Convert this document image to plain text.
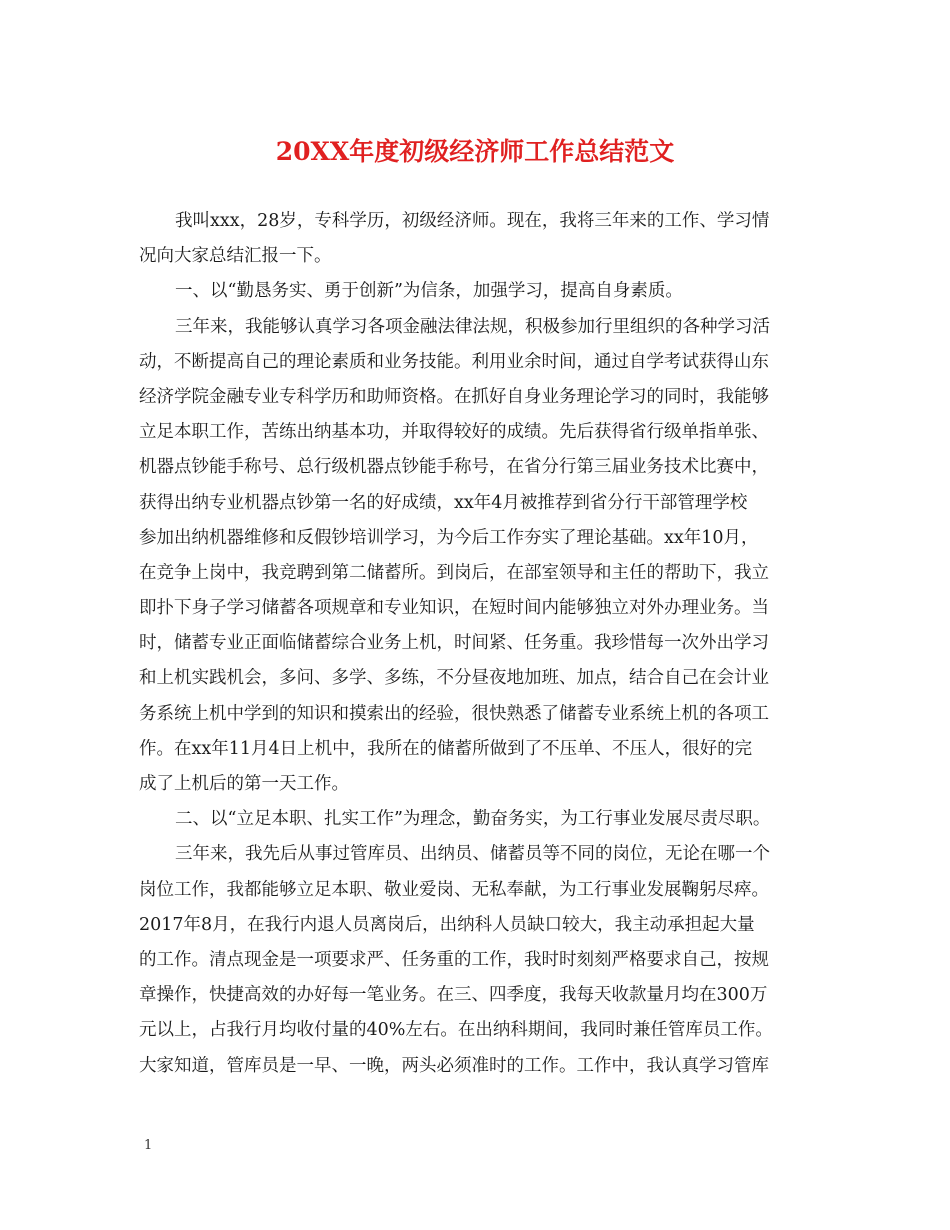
20XX年度初级经济师工作总结范文
我叫xxx，28岁，专科学历，初级经济师。现在，我将三年来的工作、学习情
况向大家总结汇报一下。
一、以“勤恳务实、勇于创新”为信条，加强学习，提高自身素质。
三年来，我能够认真学习各项金融法律法规，积极参加行里组织的各种学习活
动，不断提高自己的理论素质和业务技能。利用业余时间，通过自学考试获得山东
经济学院金融专业专科学历和助师资格。在抓好自身业务理论学习的同时，我能够
立足本职工作，苦练出纳基本功，并取得较好的成绩。先后获得省行级单指单张、
机器点钞能手称号、总行级机器点钞能手称号，在省分行第三届业务技术比赛中，
获得出纳专业机器点钞第一名的好成绩，xx年4月被推荐到省分行干部管理学校
参加出纳机器维修和反假钞培训学习，为今后工作夯实了理论基础。xx年10月，
在竞争上岗中，我竞聘到第二储蓄所。到岗后，在部室领导和主任的帮助下，我立
即扑下身子学习储蓄各项规章和专业知识，在短时间内能够独立对外办理业务。当
时，储蓄专业正面临储蓄综合业务上机，时间紧、任务重。我珍惜每一次外出学习
和上机实践机会，多问、多学、多练，不分昼夜地加班、加点，结合自己在会计业
务系统上机中学到的知识和摸索出的经验，很快熟悉了储蓄专业系统上机的各项工
作。在xx年11月4日上机中，我所在的储蓄所做到了不压单、不压人，很好的完
成了上机后的第一天工作。
二、以“立足本职、扎实工作”为理念，勤奋务实，为工行事业发展尽责尽职。
三年来，我先后从事过管库员、出纳员、储蓄员等不同的岗位，无论在哪一个
岗位工作，我都能够立足本职、敬业爱岗、无私奉献，为工行事业发展鞠躬尽瘁。
2017年8月，在我行内退人员离岗后，出纳科人员缺口较大，我主动承担起大量
的工作。清点现金是一项要求严、任务重的工作，我时时刻刻严格要求自己，按规
章操作，快捷高效的办好每一笔业务。在三、四季度，我每天收款量月均在300万
元以上，占我行月均收付量的40%左右。在出纳科期间，我同时兼任管库员工作。
大家知道，管库员是一早、一晚，两头必须准时的工作。工作中，我认真学习管库
1
